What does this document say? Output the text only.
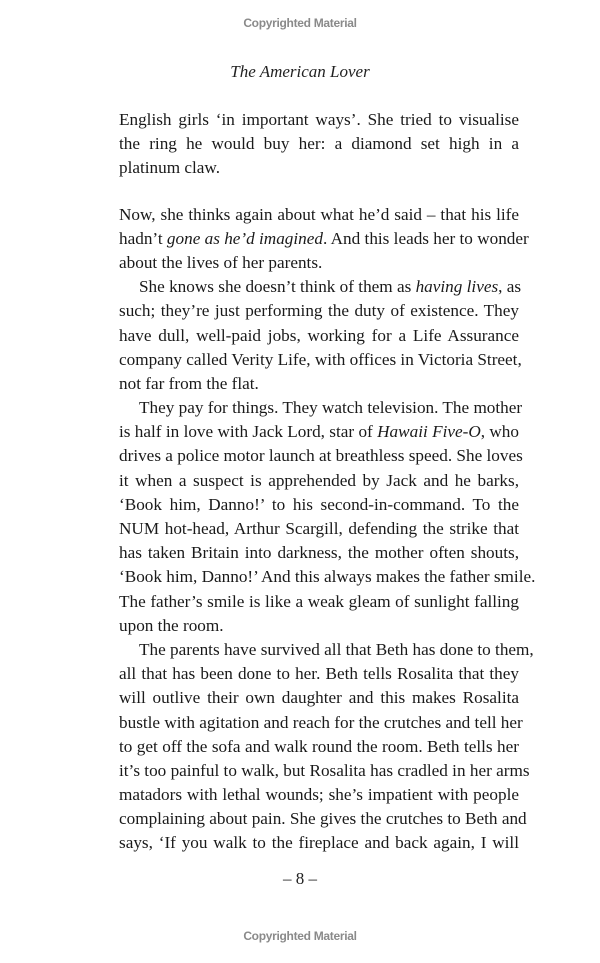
Copyrighted Material
The American Lover
English girls ‘in important ways’. She tried to visualise
the ring he would buy her: a diamond set high in a
platinum claw.
Now, she thinks again about what he’d said – that his life
hadn’t gone as he’d imagined. And this leads her to wonder
about the lives of her parents.
She knows she doesn’t think of them as having lives, as
such; they’re just performing the duty of existence. They
have dull, well-paid jobs, working for a Life Assurance
company called Verity Life, with offices in Victoria Street,
not far from the flat.
They pay for things. They watch television. The mother
is half in love with Jack Lord, star of Hawaii Five-O, who
drives a police motor launch at breathless speed. She loves
it when a suspect is apprehended by Jack and he barks,
‘Book him, Danno!’ to his second-in-command. To the
NUM hot-head, Arthur Scargill, defending the strike that
has taken Britain into darkness, the mother often shouts,
‘Book him, Danno!’ And this always makes the father smile.
The father’s smile is like a weak gleam of sunlight falling
upon the room.
The parents have survived all that Beth has done to them,
all that has been done to her. Beth tells Rosalita that they
will outlive their own daughter and this makes Rosalita
bustle with agitation and reach for the crutches and tell her
to get off the sofa and walk round the room. Beth tells her
it’s too painful to walk, but Rosalita has cradled in her arms
matadors with lethal wounds; she’s impatient with people
complaining about pain. She gives the crutches to Beth and
says, ‘If you walk to the fireplace and back again, I will
– 8 –
Copyrighted Material
